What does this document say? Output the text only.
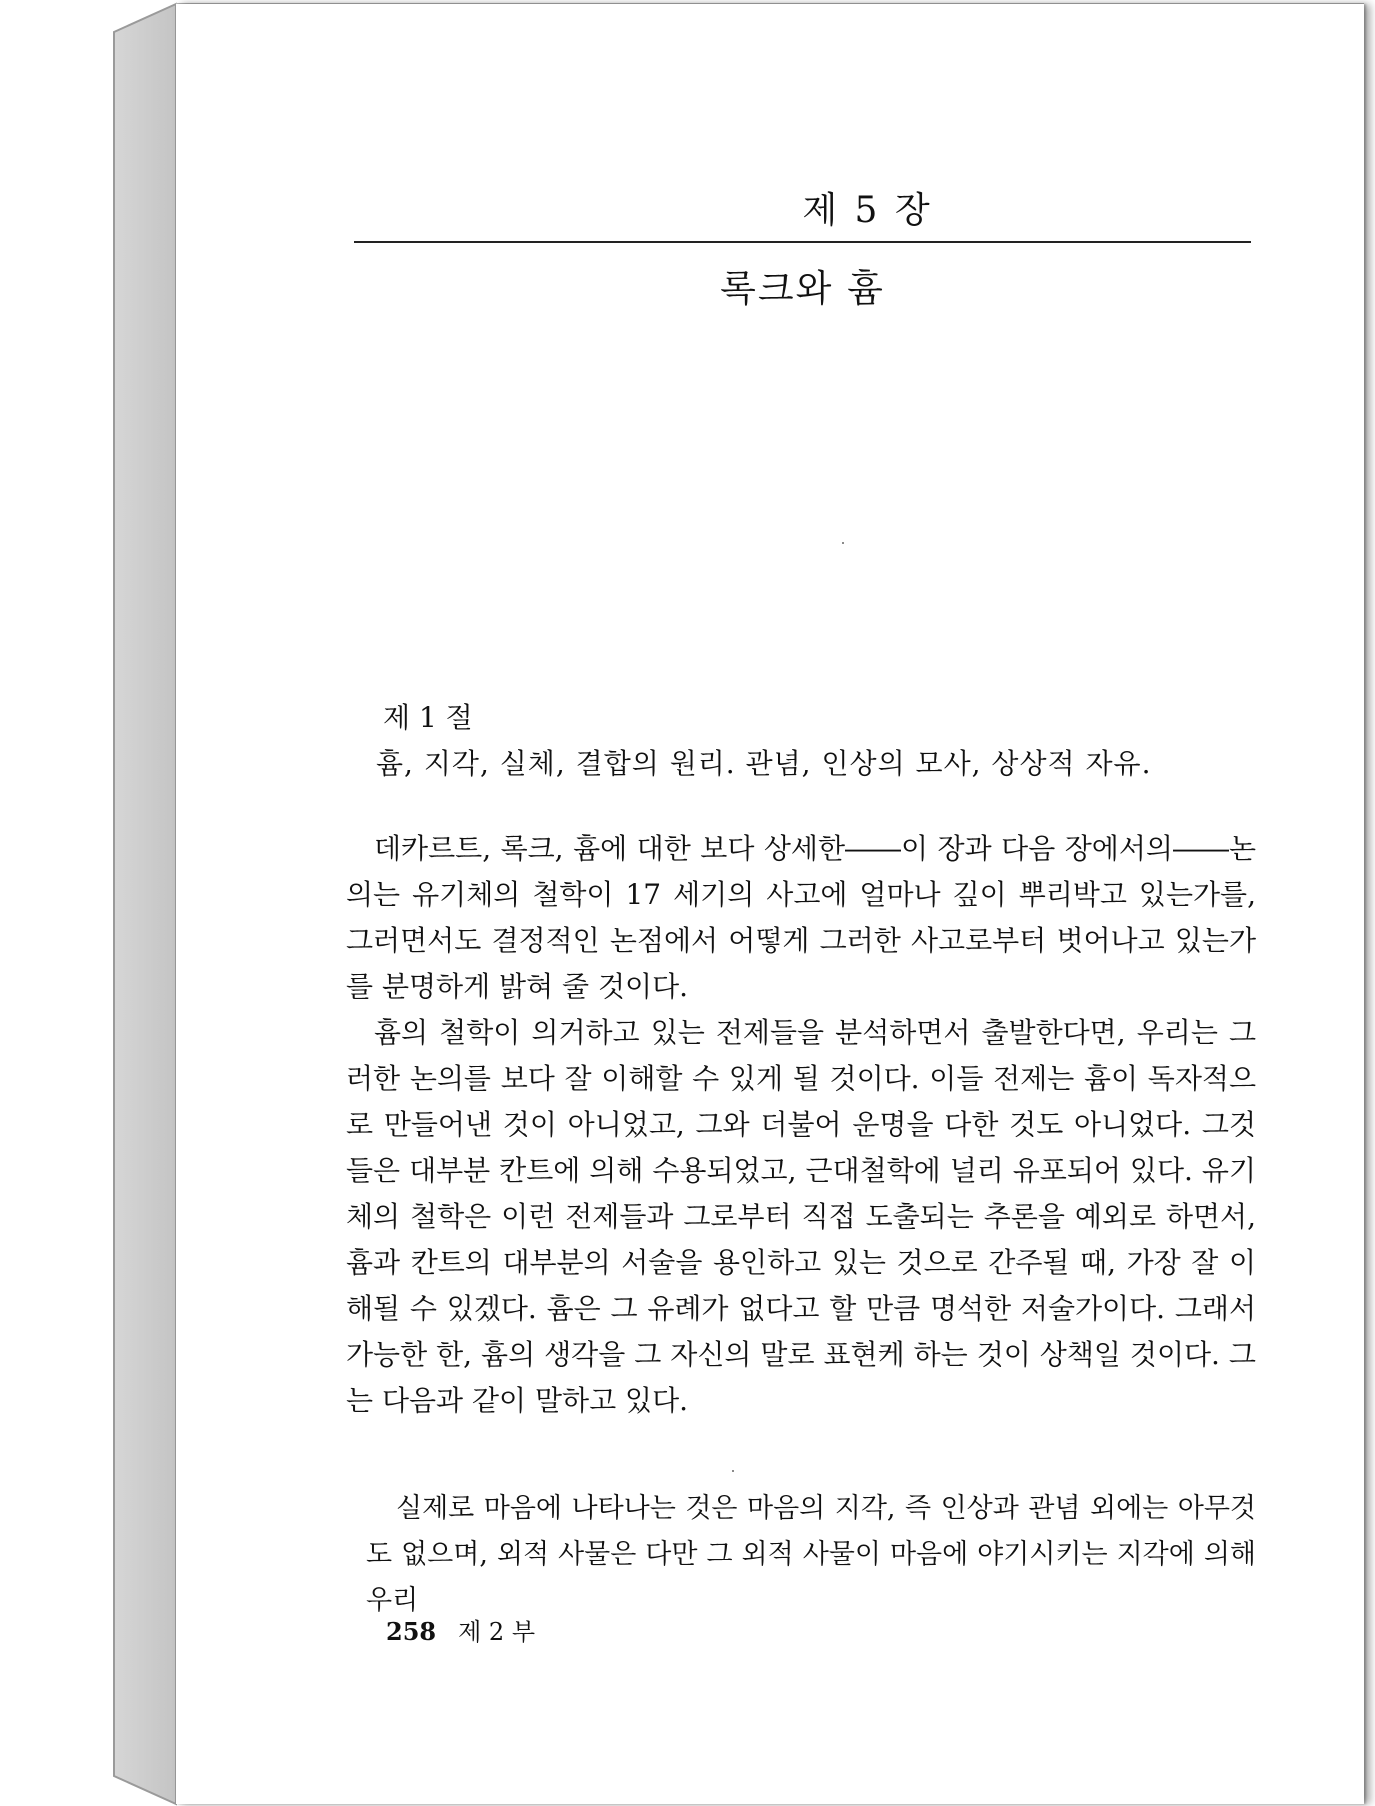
제 5 장
록크와 흄
제 1 절
흄, 지각, 실체, 결합의 원리. 관념, 인상의 모사, 상상적 자유.

데카르트, 록크, 흄에 대한 보다 상세한――이 장과 다음 장에서의――논의는 유기체의 철학이 17 세기의 사고에 얼마나 깊이 뿌리박고 있는가를, 그러면서도 결정적인 논점에서 어떻게 그러한 사고로부터 벗어나고 있는가를 분명하게 밝혀 줄 것이다.

흄의 철학이 의거하고 있는 전제들을 분석하면서 출발한다면, 우리는 그러한 논의를 보다 잘 이해할 수 있게 될 것이다. 이들 전제는 흄이 독자적으로 만들어낸 것이 아니었고, 그와 더불어 운명을 다한 것도 아니었다. 그것들은 대부분 칸트에 의해 수용되었고, 근대철학에 널리 유포되어 있다. 유기체의 철학은 이런 전제들과 그로부터 직접 도출되는 추론을 예외로 하면서, 흄과 칸트의 대부분의 서술을 용인하고 있는 것으로 간주될 때, 가장 잘 이해될 수 있겠다. 흄은 그 유례가 없다고 할 만큼 명석한 저술가이다. 그래서 가능한 한, 흄의 생각을 그 자신의 말로 표현케 하는 것이 상책일 것이다. 그는 다음과 같이 말하고 있다.

실제로 마음에 나타나는 것은 마음의 지각, 즉 인상과 관념 외에는 아무것도 없으며, 외적 사물은 다만 그 외적 사물이 마음에 야기시키는 지각에 의해 우리

258 제 2 부
